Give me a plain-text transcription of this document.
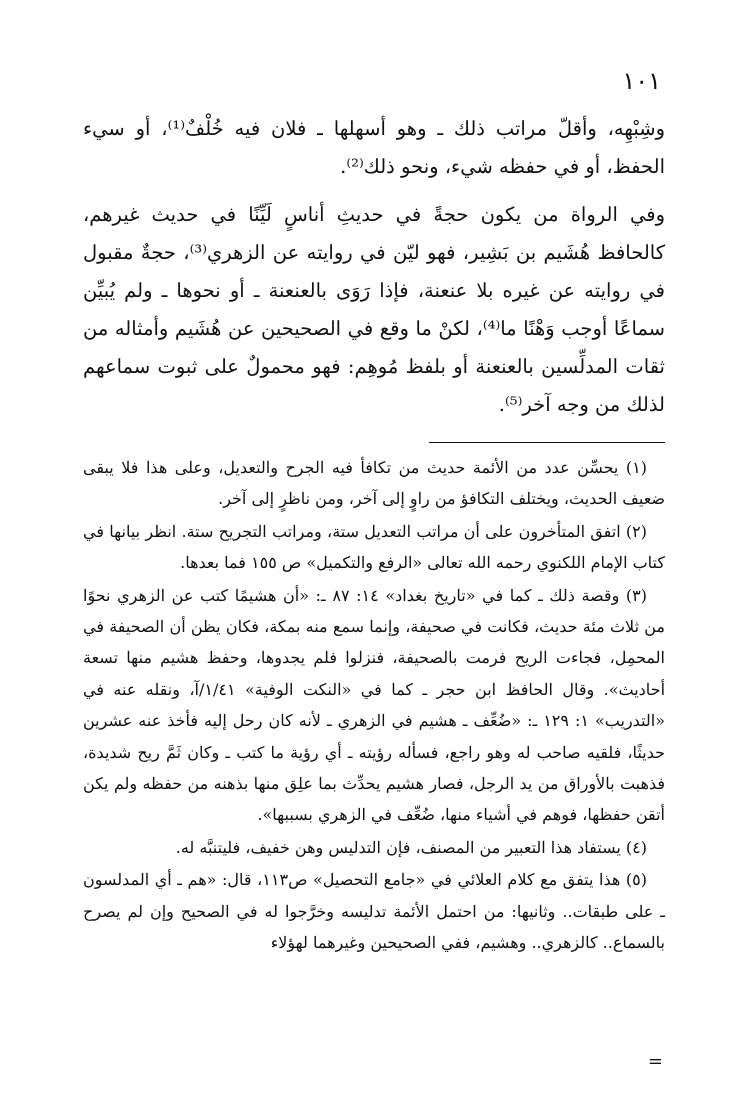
١٠١

وشِبْهِه، وأقلّ مراتب ذلك ـ وهو أسهلها ـ فلان فيه خُلْفٌ⁽¹⁾، أو سيء الحفظ، أو في حفظه شيء، ونحو ذلك⁽²⁾.

وفي الرواة من يكون حجةً في حديثِ أناسٍ لَيِّنًا في حديث غيرهم، كالحافظ هُشَيم بن بَشِير، فهو ليّن في روايته عن الزهري⁽³⁾، حجةٌ مقبول في روايته عن غيره بلا عنعنة، فإذا رَوَى بالعنعنة ـ أو نحوها ـ ولم يُبيِّن سماعًا أوجب وَهْنًا ما⁽⁴⁾، لكنْ ما وقع في الصحيحين عن هُشَيم وأمثاله من ثقات المدلِّسين بالعنعنة أو بلفظ مُوهِم: فهو محمولٌ على ثبوت سماعهم لذلك من وجه آخر⁽⁵⁾.

(١) يحسِّن عدد من الأئمة حديث من تكافأ فيه الجرح والتعديل، وعلى هذا فلا يبقى ضعيف الحديث، ويختلف التكافؤ من راوٍ إلى آخر، ومن ناظرٍ إلى آخر.

(٢) اتفق المتأخرون على أن مراتب التعديل ستة، ومراتب التجريح ستة. انظر بيانها في كتاب الإمام اللكنوي رحمه الله تعالى «الرفع والتكميل» ص ١٥٥ فما بعدها.

(٣) وقصة ذلك ـ كما في «تاريخ بغداد» ١٤: ٨٧ ـ: «أن هشيمًا كتب عن الزهري نحوًا من ثلاث مئة حديث، فكانت في صحيفة، وإنما سمع منه بمكة، فكان يظن أن الصحيفة في المحمِل، فجاءت الريح فرمت بالصحيفة، فنزلوا فلم يجدوها، وحفظ هشيم منها تسعة أحاديث». وقال الحافظ ابن حجر ـ كما في «النكت الوفية» ١/٤١/آ، ونقله عنه في «التدريب» ١: ١٢٩ ـ: «ضُعِّف ـ هشيم في الزهري ـ لأنه كان رحل إليه فأخذ عنه عشرين حديثًا، فلقيه صاحب له وهو راجع، فسأله رؤيته ـ أي رؤية ما كتب ـ وكان ثَمَّ ريح شديدة، فذهبت بالأوراق من يد الرجل، فصار هشيم يحدِّث بما علِق منها بذهنه من حفظه ولم يكن أتقن حفظها، فوهم في أشياء منها، ضُعِّف في الزهري بسببها».

(٤) يستفاد هذا التعبير من المصنف، فإن التدليس وهن خفيف، فليتنبَّه له.

(٥) هذا يتفق مع كلام العلائي في «جامع التحصيل» ص١١٣، قال: «هم ـ أي المدلسون ـ على طبقات.. وثانيها: من احتمل الأئمة تدليسه وخرَّجوا له في الصحيح وإن لم يصرح بالسماع.. كالزهري.. وهشيم، ففي الصحيحين وغيرهما لهؤلاء

=
